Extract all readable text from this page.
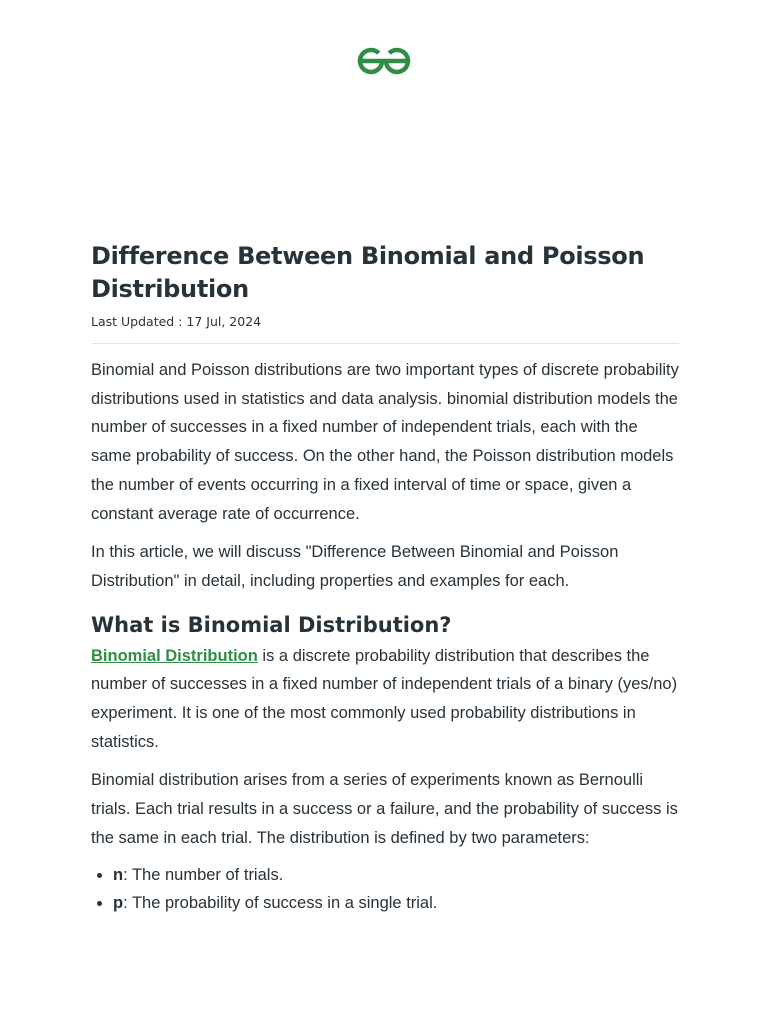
Difference Between Binomial and Poisson Distribution
Last Updated : 17 Jul, 2024

Binomial and Poisson distributions are two important types of discrete probability distributions used in statistics and data analysis. binomial distribution models the number of successes in a fixed number of independent trials, each with the same probability of success. On the other hand, the Poisson distribution models the number of events occurring in a fixed interval of time or space, given a constant average rate of occurrence.

In this article, we will discuss "Difference Between Binomial and Poisson Distribution" in detail, including properties and examples for each.

What is Binomial Distribution?

Binomial Distribution is a discrete probability distribution that describes the number of successes in a fixed number of independent trials of a binary (yes/no) experiment. It is one of the most commonly used probability distributions in statistics.

Binomial distribution arises from a series of experiments known as Bernoulli trials. Each trial results in a success or a failure, and the probability of success is the same in each trial. The distribution is defined by two parameters:

• n: The number of trials.
• p: The probability of success in a single trial.
